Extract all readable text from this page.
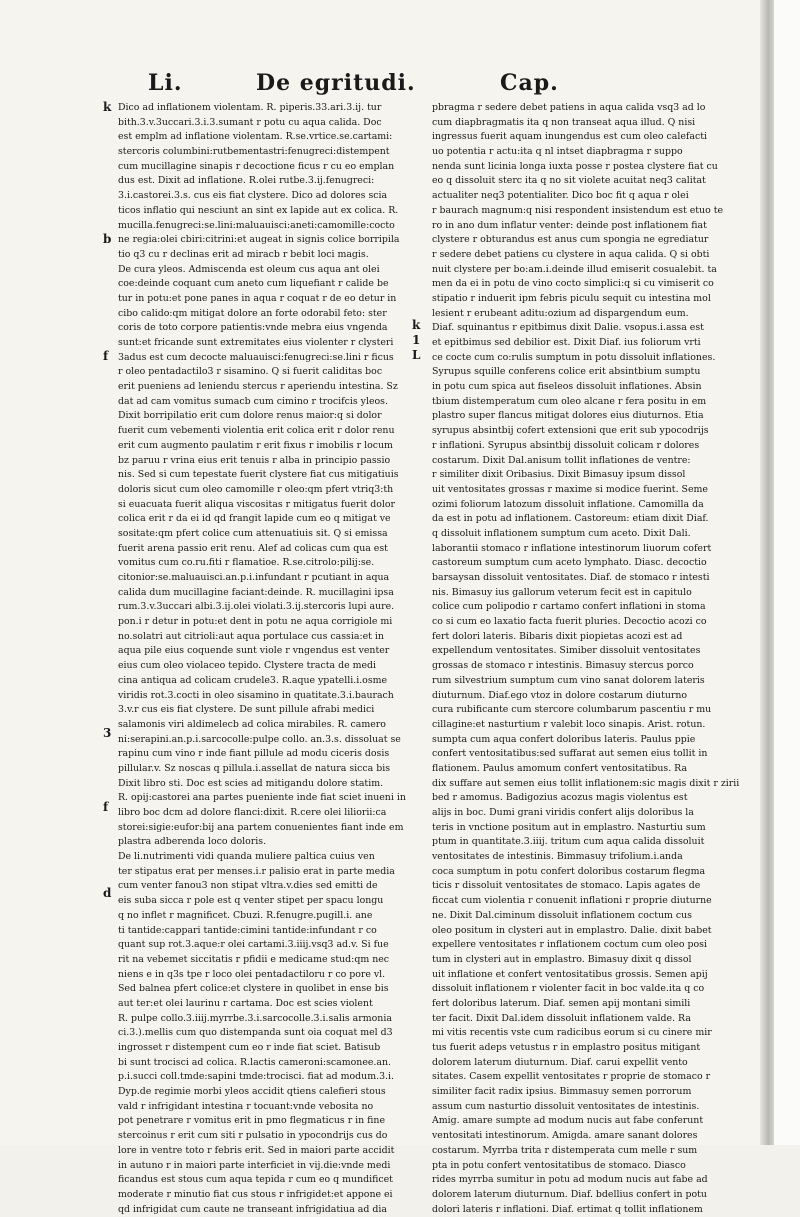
Li.	De egritudi.	Cap.
k
b
f
3
f
d
k
1
L
Dico ad inflationem violentam. R. piperis.33.ari.3.ij. tur
bith.3.v.3uccari.3.i.3.sumant r potu cu aqua calida. Doc
est emplm ad inflatione violentam. R.se.vrtice.se.cartami:
stercoris columbini:rutbementastri:fenugreci:distempent
cum mucillagine sinapis r decoctione ficus r cu eo emplan
dus est. Dixit ad inflatione. R.olei rutbe.3.ij.fenugreci:
3.i.castorei.3.s. cus eis fiat clystere. Dico ad dolores scia
ticos inflatio qui nesciunt an sint ex lapide aut ex colica. R.
mucilla.fenugreci:se.lini:maluauisci:aneti:camomille:cocto
ne regia:olei cbiri:citrini:et augeat in signis colice borripila
tio q3 cu r declinas erit ad miracb r bebit loci magis.
De cura yleos. Admiscenda est oleum cus aqua ant olei
coe:deinde coquant cum aneto cum liquefiant r calide be
tur in potu:et pone panes in aqua r coquat r de eo detur in
cibo calido:qm mitigat dolore an forte odorabil feto: ster
coris de toto corpore patientis:vnde mebra eius vngenda
sunt:et fricande sunt extremitates eius violenter r clysteri
3adus est cum decocte maluauisci:fenugreci:se.lini r ficus
r oleo pentadactilo3 r sisamino. Q si fuerit caliditas boc
erit pueniens ad leniendu stercus r aperiendu intestina. Sz
dat ad cam vomitus sumacb cum cimino r trocifcis yleos.
Dixit borripilatio erit cum dolore renus maior:q si dolor
fuerit cum vebementi violentia erit colica erit r dolor renu
erit cum augmento paulatim r erit fixus r imobilis r locum
bz paruu r vrina eius erit tenuis r alba in principio passio
nis. Sed si cum tepestate fuerit clystere fiat cus mitigatiuis
doloris sicut cum oleo camomille r oleo:qm pfert vtriq3:th
si euacuata fuerit aliqua viscositas r mitigatus fuerit dolor
colica erit r da ei id qd frangit lapide cum eo q mitigat ve
sositate:qm pfert colice cum attenuatiuis sit. Q si emissa
fuerit arena passio erit renu. Alef ad colicas cum qua est
vomitus cum co.ru.fiti r flamatioe. R.se.citrolo:pilij:se.
citonior:se.maluauisci.an.p.i.infundant r pcutiant in aqua
calida dum mucillagine faciant:deinde. R. mucillagini ipsa
rum.3.v.3uccari albi.3.ij.olei violati.3.ij.stercoris lupi aure.
pon.i r detur in potu:et dent in potu ne aqua corrigiole mi
no.solatri aut citrioli:aut aqua portulace cus cassia:et in
aqua pile eius coquende sunt viole r vngendus est venter
eius cum oleo violaceo tepido. Clystere tracta de medi
cina antiqua ad colicam crudele3. R.aque ypatelli.i.osme
viridis rot.3.cocti in oleo sisamino in quatitate.3.i.baurach
3.v.r cus eis fiat clystere. De sunt pillule afrabi medici
salamonis viri aldimelecb ad colica mirabiles. R. camero
ni:serapini.an.p.i.sarcocolle:pulpe collo. an.3.s. dissoluat se
rapinu cum vino r inde fiant pillule ad modu ciceris dosis
pillular.v. Sz noscas q pillula.i.assellat de natura sicca bis
Dixit libro sti. Doc est scies ad mitigandu dolore statim.
R. opij:castorei ana partes pueniente inde fiat sciet inueni in
libro boc dcm ad dolore flanci:dixit. R.cere olei liliorii:ca
storei:sigie:eufor:bij ana partem conuenientes fiant inde em
plastra adberenda loco doloris.
De li.nutrimenti vidi quanda muliere paltica cuius ven
ter stipatus erat per menses.i.r palisio erat in parte media
cum venter fanou3 non stipat vltra.v.dies sed emitti de
eis suba sicca r pole est q venter stipet per spacu longu
q no inflet r magnificet. Cbuzi. R.fenugre.pugill.i. ane
ti tantide:cappari tantide:cimini tantide:infundant r co
quant sup rot.3.aque:r olei cartami.3.iiij.vsq3 ad.v. Si fue
rit na vebemet siccitatis r pfidii e medicame stud:qm nec
niens e in q3s tpe r loco olei pentadactiloru r co pore vl.
Sed balnea pfert colice:et clystere in quolibet in ense bis
aut ter:et olei laurinu r cartama. Doc est scies violent
R. pulpe collo.3.iiij.myrrbe.3.i.sarcocolle.3.i.salis armonia
ci.3.).mellis cum quo distempanda sunt oia coquat mel d3
ingrosset r distempent cum eo r inde fiat sciet. Batisub
bi sunt trocisci ad colica. R.lactis cameroni:scamonee.an.
p.i.succi coll.tmde:sapini tmde:trocisci. fiat ad modum.3.i.
Dyp.de regimie morbi yleos accidit qtiens calefieri stous
vald r infrigidant intestina r tocuant:vnde vebosita no
pot penetrare r vomitus erit in pmo flegmaticus r in fine
stercoinus r erit cum siti r pulsatio in ypocondrijs cus do
lore in ventre toto r febris erit. Sed in maiori parte accidit
in autuno r in maiori parte interficiet in vij.die:vnde medi
ficandus est stous cum aqua tepida r cum eo q mundificet
moderate r minutio fiat cus stous r infrigidet:et appone ei
qd infrigidat cum caute ne transeant infrigidatiua ad dia
pbragma r sedere debet patiens in aqua calida vsq3 ad lo
cum diapbragmatis ita q non transeat aqua illud. Q nisi
ingressus fuerit aquam inungendus est cum oleo calefacti
uo potentia r actu:ita q nl intset diapbragma r suppo
nenda sunt licinia longa iuxta posse r postea clystere fiat cu
eo q dissoluit sterc ita q no sit violete acuitat neq3 calitat
actualiter neq3 potentialiter. Dico boc fit q aqua r olei
r baurach magnum:q nisi respondent insistendum est etuo te
ro in ano dum inflatur venter: deinde post inflationem fiat
clystere r obturandus est anus cum spongia ne egrediatur
r sedere debet patiens cu clystere in aqua calida. Q si obti
nuit clystere per bo:am.i.deinde illud emiserit cosualebit. ta
men da ei in potu de vino cocto simplici:q si cu vimiserit co
stipatio r induerit ipm febris piculu sequit cu intestina mol
lesient r erubeant aditu:ozium ad dispargendum eum.
Diaf. squinantus r epitbimus dixit Dalie. vsopus.i.assa est
et epitbimus sed debilior est. Dixit Diaf. ius foliorum vrti
ce cocte cum co:rulis sumptum in potu dissoluit inflationes.
Syrupus squille conferens colice erit absintbium sumptu
in potu cum spica aut fiseleos dissoluit inflationes. Absin
tbium distemperatum cum oleo alcane r fera positu in em
plastro super flancus mitigat dolores eius diuturnos. Etia
syrupus absintbij cofert extensioni que erit sub ypocodrijs
r inflationi. Syrupus absintbij dissoluit colicam r dolores
costarum. Dixit Dal.anisum tollit inflationes de ventre:
r similiter dixit Oribasius. Dixit Bimasuy ipsum dissol
uit ventositates grossas r maxime si modice fuerint. Seme
ozimi foliorum latozum dissoluit inflatione. Camomilla da
da est in potu ad inflationem. Castoreum: etiam dixit Diaf.
q dissoluit inflationem sumptum cum aceto. Dixit Dali.
laborantii stomaco r inflatione intestinorum liuorum cofert
castoreum sumptum cum aceto lymphato. Diasc. decoctio
barsaysan dissoluit ventositates. Diaf. de stomaco r intesti
nis. Bimasuy ius gallorum veterum fecit est in capitulo
colice cum polipodio r cartamo confert inflationi in stoma
co si cum eo laxatio facta fuerit pluries. Decoctio acozi co
fert dolori lateris. Bibaris dixit piopietas acozi est ad
expellendum ventositates. Simiber dissoluit ventositates
grossas de stomaco r intestinis. Bimasuy stercus porco
rum silvestrium sumptum cum vino sanat dolorem lateris
diuturnum. Diaf.ego vtoz in dolore costarum diuturno
cura rubificante cum stercore columbarum pascentiu r mu
cillagine:et nasturtium r valebit loco sinapis. Arist. rotun.
sumpta cum aqua confert doloribus lateris. Paulus ppie
confert ventositatibus:sed suffarat aut semen eius tollit in
flationem. Paulus amomum confert ventositatibus. Ra
dix suffare aut semen eius tollit inflationem:sic magis dixit r zirii
bed r amomus. Badigozius acozus magis violentus est
alijs in boc. Dumi grani viridis confert alijs doloribus la
teris in vnctione positum aut in emplastro. Nasturtiu sum
ptum in quantitate.3.iiij. tritum cum aqua calida dissoluit
ventositates de intestinis. Bimmasuy trifolium.i.anda
coca sumptum in potu confert doloribus costarum flegma
ticis r dissoluit ventositates de stomaco. Lapis agates de
ficcat cum violentia r conuenit inflationi r proprie diuturne
ne. Dixit Dal.ciminum dissoluit inflationem coctum cus
oleo positum in clysteri aut in emplastro. Dalie. dixit babet
expellere ventositates r inflationem coctum cum oleo posi
tum in clysteri aut in emplastro. Bimasuy dixit q dissol
uit inflatione et confert ventositatibus grossis. Semen apij
dissoluit inflationem r violenter facit in boc valde.ita q co
fert doloribus laterum. Diaf. semen apij montani simili
ter facit. Dixit Dal.idem dissoluit inflationem valde. Ra
mi vitis recentis vste cum radicibus eorum si cu cinere mir
tus fuerit adeps vetustus r in emplastro positus mitigant
dolorem laterum diuturnum. Diaf. carui expellit vento
sitates. Casem expellit ventositates r proprie de stomaco r
similiter facit radix ipsius. Bimmasuy semen porrorum
assum cum nasturtio dissoluit ventositates de intestinis.
Amig. amare sumpte ad modum nucis aut fabe conferunt
ventositati intestinorum. Amigda. amare sanant dolores
costarum. Myrrba trita r distemperata cum melle r sum
pta in potu confert ventositatibus de stomaco. Diasco
rides myrrba sumitur in potu ad modum nucis aut fabe ad
dolorem laterum diuturnum. Diaf. bdellius confert in potu
dolori lateris r inflationi. Diaf. ertimat q tollit inflationem
